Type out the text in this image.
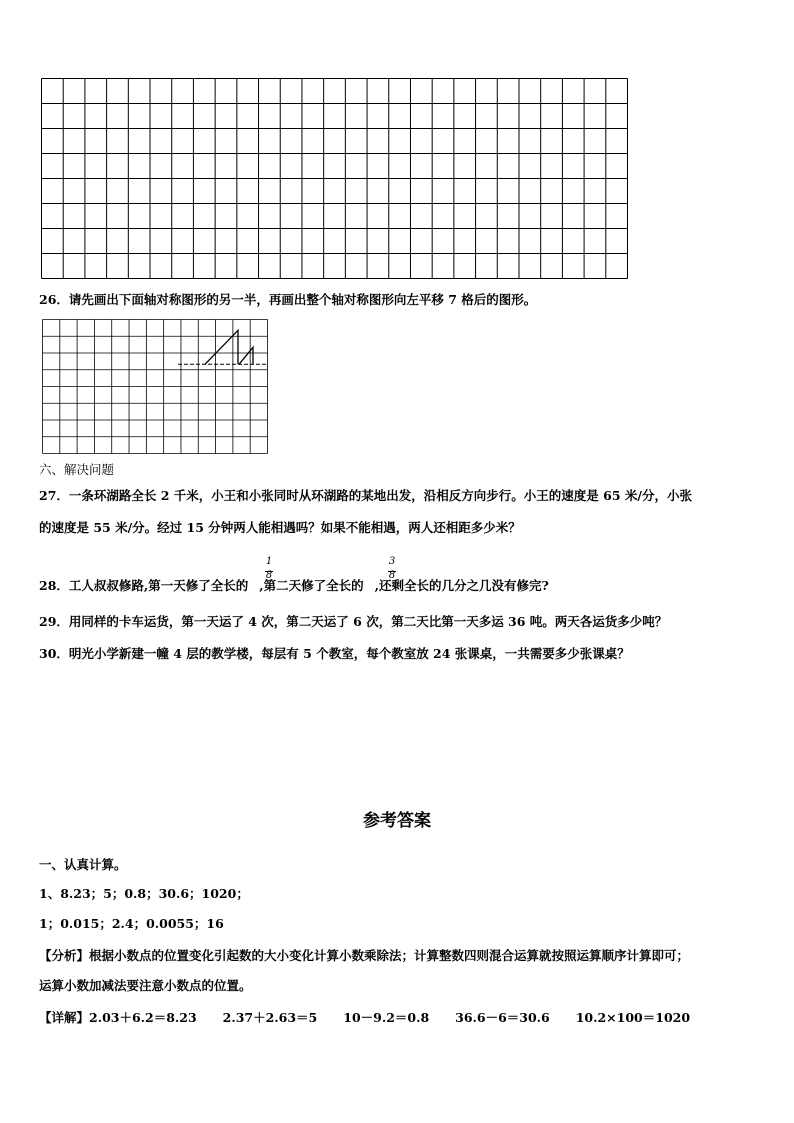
26．请先画出下面轴对称图形的另一半，再画出整个轴对称图形向左平移 7 格后的图形。
六、解决问题
27．一条环湖路全长 2 千米，小王和小张同时从环湖路的某地出发，沿相反方向步行。小王的速度是 65 米/分，小张
的速度是 55 米/分。经过 15 分钟两人能相遇吗？如果不能相遇，两人还相距多少米？
28．工人叔叔修路,第一天修了全长的 ,第二天修了全长的 ,还剩全长的几分之几没有修完?
1
8
3
8
29．用同样的卡车运货，第一天运了 4 次，第二天运了 6 次，第二天比第一天多运 36 吨。两天各运货多少吨？
30．明光小学新建一幢 4 层的教学楼，每层有 5 个教室，每个教室放 24 张课桌，一共需要多少张课桌？
参考答案
一、认真计算。
1、8.23；5；0.8；30.6；1020；
1；0.015；2.4；0.0055；16
【分析】根据小数点的位置变化引起数的大小变化计算小数乘除法；计算整数四则混合运算就按照运算顺序计算即可；
运算小数加减法要注意小数点的位置。
【详解】2.03＋6.2＝8.23 2.37＋2.63＝5 10－9.2＝0.8 36.6－6＝30.6 10.2×100＝1020
